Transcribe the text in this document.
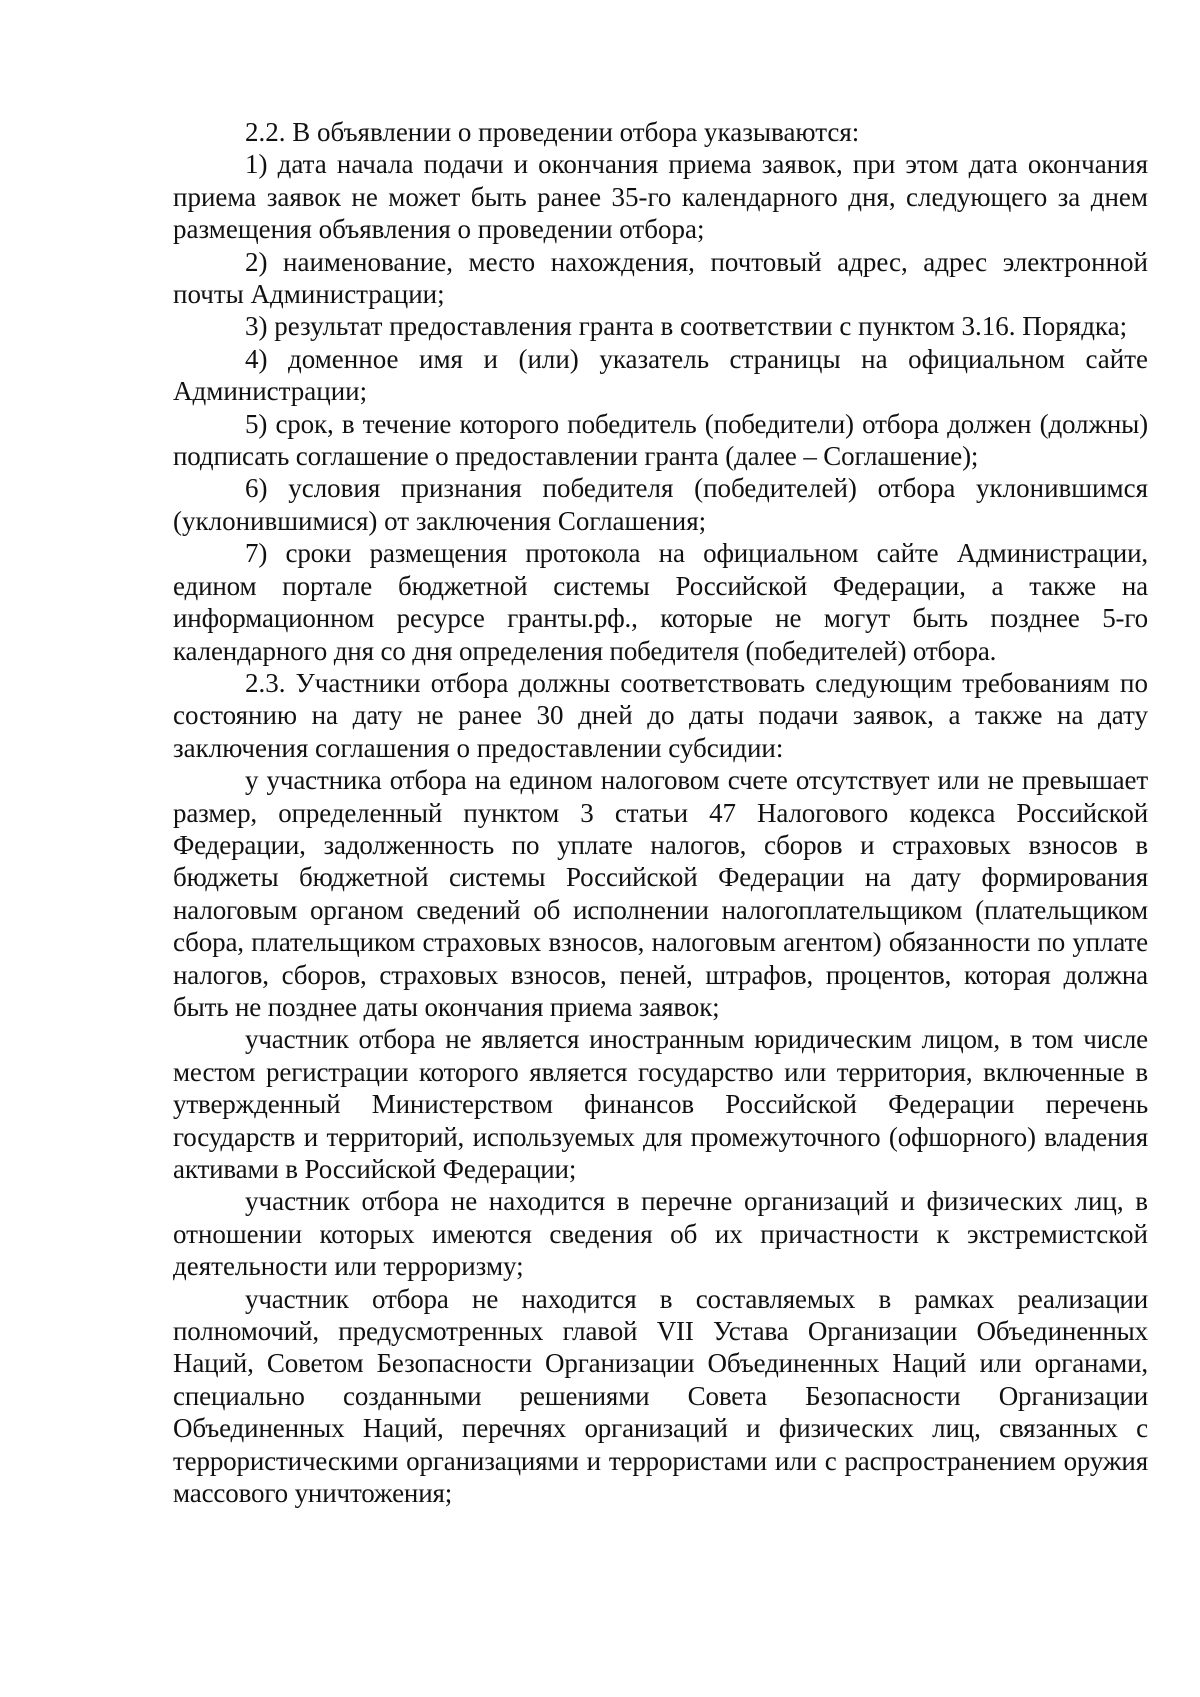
2.2. В объявлении о проведении отбора указываются:

1) дата начала подачи и окончания приема заявок, при этом дата окончания приема заявок не может быть ранее 35-го календарного дня, следующего за днем размещения объявления о проведении отбора;

2) наименование, место нахождения, почтовый адрес, адрес электронной почты Администрации;

3) результат предоставления гранта в соответствии с пунктом 3.16. Порядка;

4) доменное имя и (или) указатель страницы на официальном сайте Администрации;

5) срок, в течение которого победитель (победители) отбора должен (должны) подписать соглашение о предоставлении гранта (далее – Соглашение);

6) условия признания победителя (победителей) отбора уклонившимся (уклонившимися) от заключения Соглашения;

7) сроки размещения протокола на официальном сайте Администрации, едином портале бюджетной системы Российской Федерации, а также на информационном ресурсе гранты.рф., которые не могут быть позднее 5-го календарного дня со дня определения победителя (победителей) отбора.

2.3. Участники отбора должны соответствовать следующим требованиям по состоянию на дату не ранее 30 дней до даты подачи заявок, а также на дату заключения соглашения о предоставлении субсидии:

у участника отбора на едином налоговом счете отсутствует или не превышает размер, определенный пунктом 3 статьи 47 Налогового кодекса Российской Федерации, задолженность по уплате налогов, сборов и страховых взносов в бюджеты бюджетной системы Российской Федерации на дату формирования налоговым органом сведений об исполнении налогоплательщиком (плательщиком сбора, плательщиком страховых взносов, налоговым агентом) обязанности по уплате налогов, сборов, страховых взносов, пеней, штрафов, процентов, которая должна быть не позднее даты окончания приема заявок;

участник отбора не является иностранным юридическим лицом, в том числе местом регистрации которого является государство или территория, включенные в утвержденный Министерством финансов Российской Федерации перечень государств и территорий, используемых для промежуточного (офшорного) владения активами в Российской Федерации;

участник отбора не находится в перечне организаций и физических лиц, в отношении которых имеются сведения об их причастности к экстремистской деятельности или терроризму;

участник отбора не находится в составляемых в рамках реализации полномочий, предусмотренных главой VII Устава Организации Объединенных Наций, Советом Безопасности Организации Объединенных Наций или органами, специально созданными решениями Совета Безопасности Организации Объединенных Наций, перечнях организаций и физических лиц, связанных с террористическими организациями и террористами или с распространением оружия массового уничтожения;
